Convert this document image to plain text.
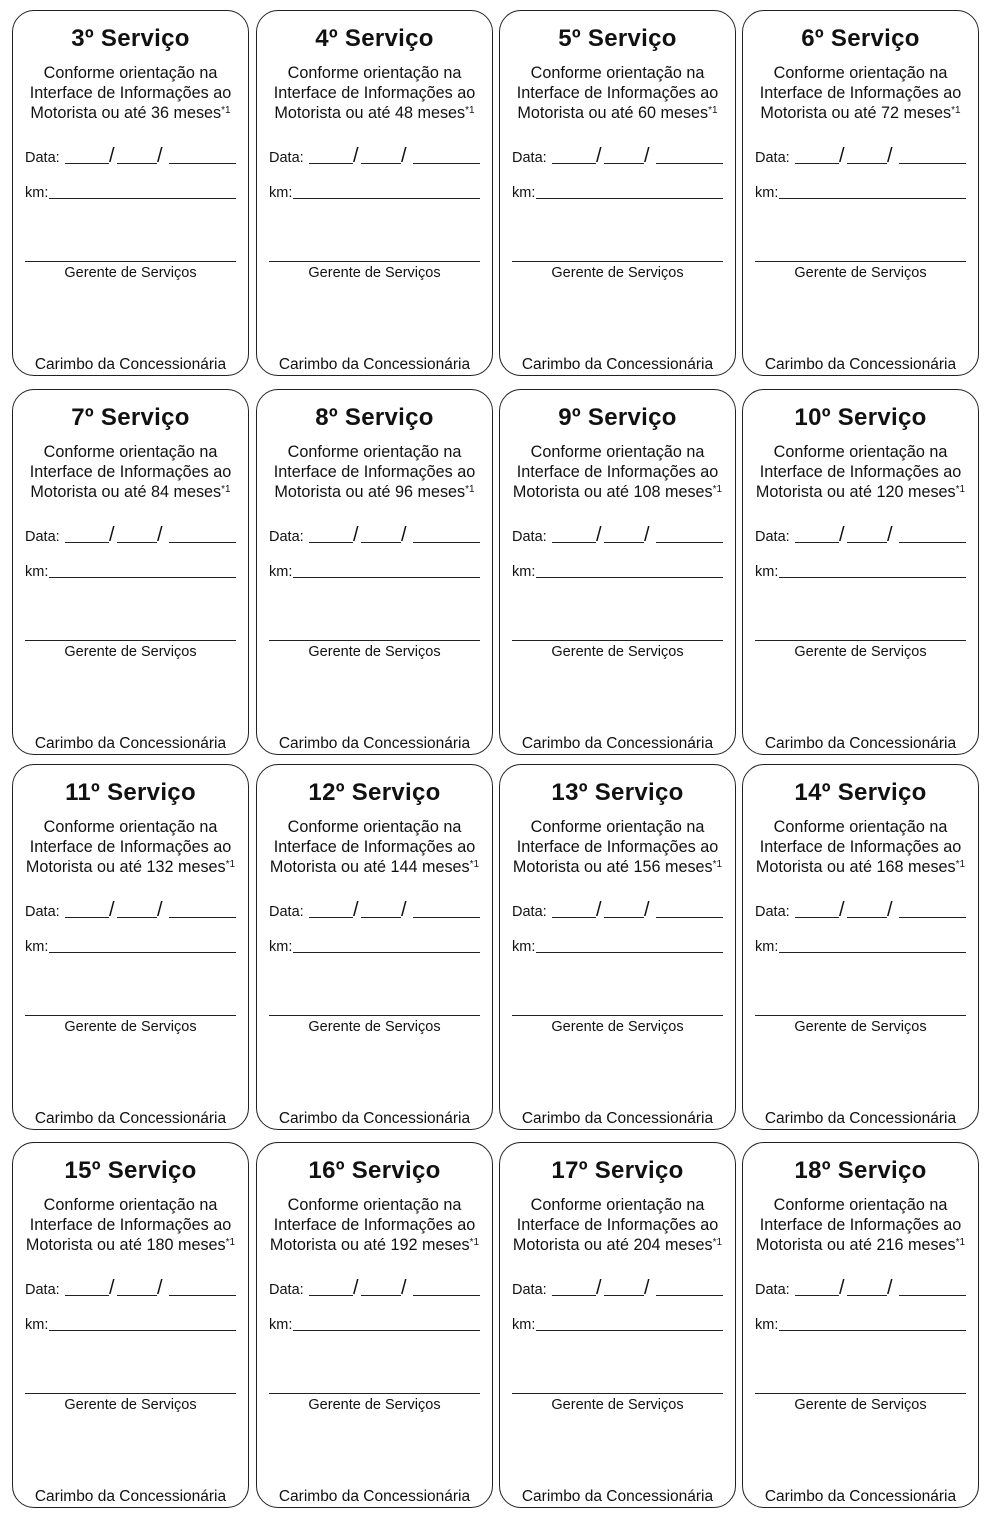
3º Serviço
Conforme orientação na
Interface de Informações ao
Motorista ou até 36 meses$^{*1}$
Data: / /
km:
Gerente de Serviços
Carimbo da Concessionária
4º Serviço
Conforme orientação na
Interface de Informações ao
Motorista ou até 48 meses$^{*1}$
Data: / /
km:
Gerente de Serviços
Carimbo da Concessionária
5º Serviço
Conforme orientação na
Interface de Informações ao
Motorista ou até 60 meses$^{*1}$
Data: / /
km:
Gerente de Serviços
Carimbo da Concessionária
6º Serviço
Conforme orientação na
Interface de Informações ao
Motorista ou até 72 meses$^{*1}$
Data: / /
km:
Gerente de Serviços
Carimbo da Concessionária
7º Serviço
Conforme orientação na
Interface de Informações ao
Motorista ou até 84 meses$^{*1}$
Data: / /
km:
Gerente de Serviços
Carimbo da Concessionária
8º Serviço
Conforme orientação na
Interface de Informações ao
Motorista ou até 96 meses$^{*1}$
Data: / /
km:
Gerente de Serviços
Carimbo da Concessionária
9º Serviço
Conforme orientação na
Interface de Informações ao
Motorista ou até 108 meses$^{*1}$
Data: / /
km:
Gerente de Serviços
Carimbo da Concessionária
10º Serviço
Conforme orientação na
Interface de Informações ao
Motorista ou até 120 meses$^{*1}$
Data: / /
km:
Gerente de Serviços
Carimbo da Concessionária
11º Serviço
Conforme orientação na
Interface de Informações ao
Motorista ou até 132 meses$^{*1}$
Data: / /
km:
Gerente de Serviços
Carimbo da Concessionária
12º Serviço
Conforme orientação na
Interface de Informações ao
Motorista ou até 144 meses$^{*1}$
Data: / /
km:
Gerente de Serviços
Carimbo da Concessionária
13º Serviço
Conforme orientação na
Interface de Informações ao
Motorista ou até 156 meses$^{*1}$
Data: / /
km:
Gerente de Serviços
Carimbo da Concessionária
14º Serviço
Conforme orientação na
Interface de Informações ao
Motorista ou até 168 meses$^{*1}$
Data: / /
km:
Gerente de Serviços
Carimbo da Concessionária
15º Serviço
Conforme orientação na
Interface de Informações ao
Motorista ou até 180 meses$^{*1}$
Data: / /
km:
Gerente de Serviços
Carimbo da Concessionária
16º Serviço
Conforme orientação na
Interface de Informações ao
Motorista ou até 192 meses$^{*1}$
Data: / /
km:
Gerente de Serviços
Carimbo da Concessionária
17º Serviço
Conforme orientação na
Interface de Informações ao
Motorista ou até 204 meses$^{*1}$
Data: / /
km:
Gerente de Serviços
Carimbo da Concessionária
18º Serviço
Conforme orientação na
Interface de Informações ao
Motorista ou até 216 meses$^{*1}$
Data: / /
km:
Gerente de Serviços
Carimbo da Concessionária
